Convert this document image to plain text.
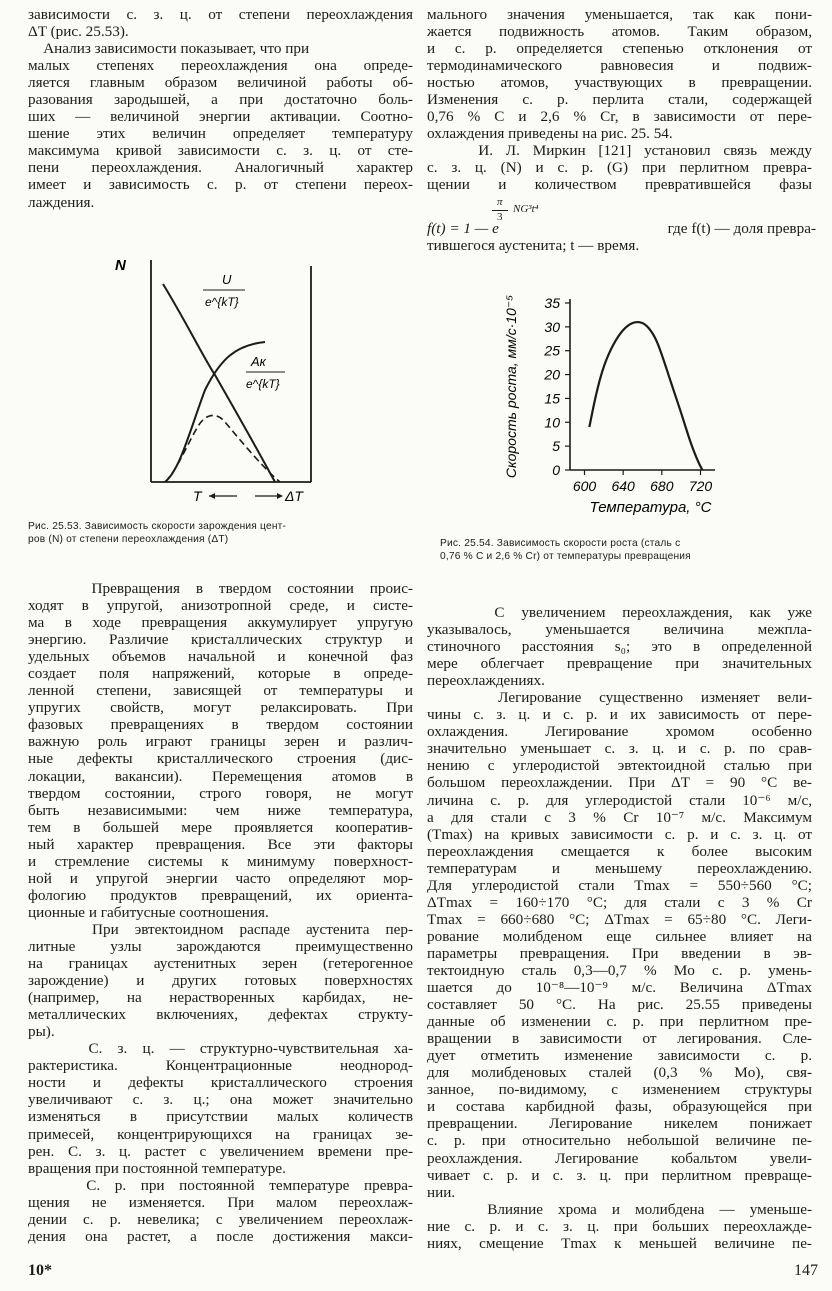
зависимости с. з. ц. от степени переохлаждения
ΔT (рис. 25.53).
Анализ зависимости показывает, что при
малых степенях переохлаждения она опреде-
ляется главным образом величиной работы об-
разования зародышей, а при достаточно боль-
ших — величиной энергии активации. Соотно-
шение этих величин определяет температуру
максимума кривой зависимости с. з. ц. от сте-
пени переохлаждения. Аналогичный характер
имеет и зависимость с. р. от степени переох-
лаждения.
мального значения уменьшается, так как пони-
жается подвижность атомов. Таким образом,
и с. р. определяется степенью отклонения от
термодинамического равновесия и подвиж-
ностью атомов, участвующих в превращении.
Изменения с. р. перлита стали, содержащей
0,76 % С и 2,6 % Cr, в зависимости от пере-
охлаждения приведены на рис. 25. 54.
И. Л. Миркин [121] установил связь между
с. з. ц. (N) и с. р. (G) при перлитном превра-
щении и количеством превратившейся фазы
π
3
NG³t⁴
f(t) = 1 — e	где f(t) — доля превра-
тившегося аустенита; t — время.
N
U
e^{kT}
Aк
e^{kT}
T	ΔT
Рис. 25.53. Зависимость скорости зарождения цент-
ров (N) от степени переохлаждения (ΔT)
0
5
10
15
20
25
30
35
600 640 680 720
Температура, °С
Скорость роста, мм/с·10⁻⁵
Рис. 25.54. Зависимость скорости роста (сталь с
0,76 % С и 2,6 % Cr) от температуры превращения
Превращения в твердом состоянии проис-
ходят в упругой, анизотропной среде, и систе-
ма в ходе превращения аккумулирует упругую
энергию. Различие кристаллических структур и
удельных объемов начальной и конечной фаз
создает поля напряжений, которые в опреде-
ленной степени, зависящей от температуры и
упругих свойств, могут релаксировать. При
фазовых превращениях в твердом состоянии
важную роль играют границы зерен и различ-
ные дефекты кристаллического строения (дис-
локации, вакансии). Перемещения атомов в
твердом состоянии, строго говоря, не могут
быть независимыми: чем ниже температура,
тем в большей мере проявляется кооператив-
ный характер превращения. Все эти факторы
и стремление системы к минимуму поверхност-
ной и упругой энергии часто определяют мор-
фологию продуктов превращений, их ориента-
ционные и габитусные соотношения.
При эвтектоидном распаде аустенита пер-
литные узлы зарождаются преимущественно
на границах аустенитных зерен (гетерогенное
зарождение) и других готовых поверхностях
(например, на нерастворенных карбидах, не-
металлических включениях, дефектах структу-
ры).
С. з. ц. — структурно-чувствительная ха-
рактеристика. Концентрационные неоднород-
ности и дефекты кристаллического строения
увеличивают с. з. ц.; она может значительно
изменяться в присутствии малых количеств
примесей, концентрирующихся на границах зе-
рен. С. з. ц. растет с увеличением времени пре-
вращения при постоянной температуре.
С. р. при постоянной температуре превра-
щения не изменяется. При малом переохлаж-
дении с. р. невелика; с увеличением переохлаж-
дения она растет, а после достижения макси-
С увеличением переохлаждения, как уже
указывалось, уменьшается величина межпла-
стиночного расстояния s₀; это в определенной
мере облегчает превращение при значительных
переохлаждениях.
Легирование существенно изменяет вели-
чины с. з. ц. и с. р. и их зависимость от пере-
охлаждения. Легирование хромом особенно
значительно уменьшает с. з. ц. и с. р. по срав-
нению с углеродистой эвтектоидной сталью при
большом переохлаждении. При ΔT = 90 °С ве-
личина с. р. для углеродистой стали 10⁻⁶ м/с,
а для стали с 3 % Cr 10⁻⁷ м/с. Максимум
(Tmax) на кривых зависимости с. р. и с. з. ц. от
переохлаждения смещается к более высоким
температурам и меньшему переохлаждению.
Для углеродистой стали Tmax = 550÷560 °С;
ΔTmax = 160÷170 °С; для стали с 3 % Cr
Tmax = 660÷680 °С; ΔTmax = 65÷80 °С. Леги-
рование молибденом еще сильнее влияет на
параметры превращения. При введении в эв-
тектоидную сталь 0,3—0,7 % Mo с. р. умень-
шается до 10⁻⁸—10⁻⁹ м/с. Величина ΔTmax
составляет 50 °С. На рис. 25.55 приведены
данные об изменении с. р. при перлитном пре-
вращении в зависимости от легирования. Сле-
дует отметить изменение зависимости с. р.
для молибденовых сталей (0,3 % Mo), свя-
занное, по-видимому, с изменением структуры
и состава карбидной фазы, образующейся при
превращении. Легирование никелем понижает
с. р. при относительно небольшой величине пе-
реохлаждения. Легирование кобальтом увели-
чивает с. р. и с. з. ц. при перлитном превраще-
нии.
Влияние хрома и молибдена — уменьше-
ние с. р. и с. з. ц. при больших переохлажде-
ниях, смещение Tmax к меньшей величине пе-
10*	147
